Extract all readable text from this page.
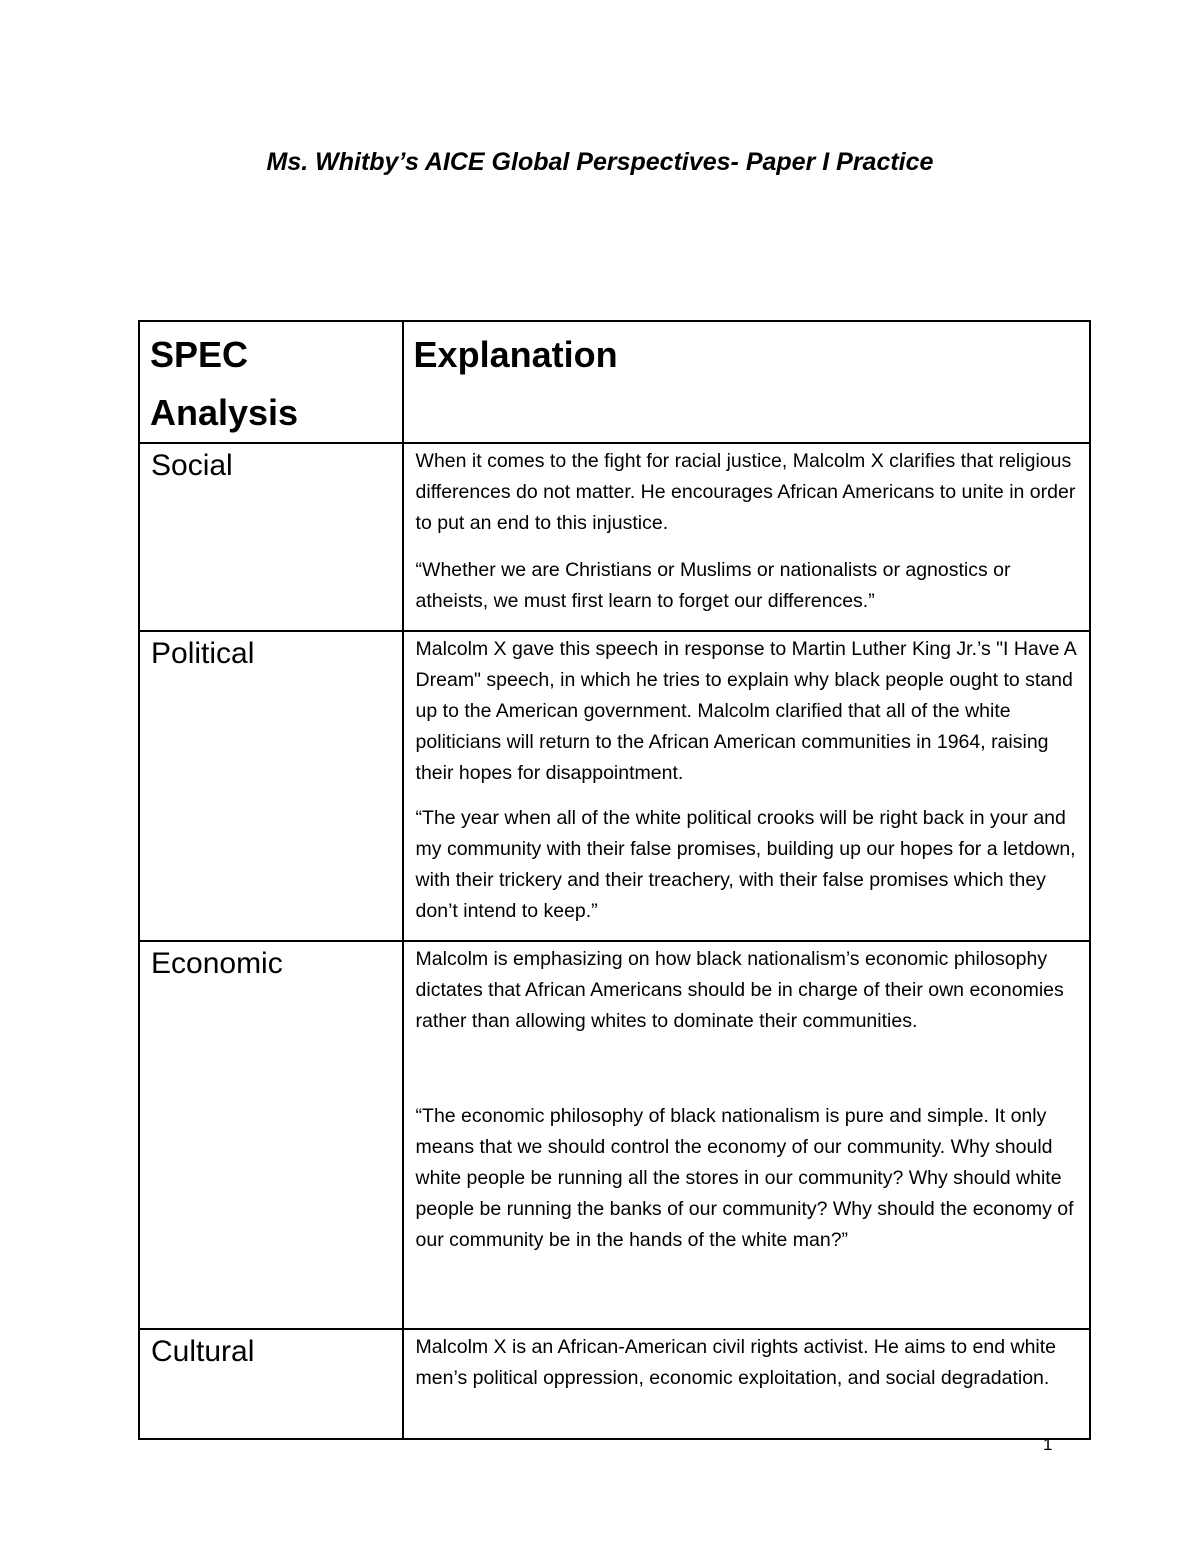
Ms. Whitby’s AICE Global Perspectives- Paper I Practice
SPEC Analysis	Explanation
Social	When it comes to the fight for racial justice, Malcolm X clarifies that religious differences do not matter. He encourages African Americans to unite in order to put an end to this injustice.

“Whether we are Christians or Muslims or nationalists or agnostics or atheists, we must first learn to forget our differences.”

Political	Malcolm X gave this speech in response to Martin Luther King Jr.’s "I Have A Dream" speech, in which he tries to explain why black people ought to stand up to the American government. Malcolm clarified that all of the white politicians will return to the African American communities in 1964, raising their hopes for disappointment.

“The year when all of the white political crooks will be right back in your and my community with their false promises, building up our hopes for a letdown, with their trickery and their treachery, with their false promises which they don’t intend to keep.”

Economic	Malcolm is emphasizing on how black nationalism’s economic philosophy dictates that African Americans should be in charge of their own economies rather than allowing whites to dominate their communities.

“The economic philosophy of black nationalism is pure and simple. It only means that we should control the economy of our community. Why should white people be running all the stores in our community? Why should white people be running the banks of our community? Why should the economy of our community be in the hands of the white man?”

Cultural	Malcolm X is an African-American civil rights activist. He aims to end white men’s political oppression, economic exploitation, and social degradation.

1
